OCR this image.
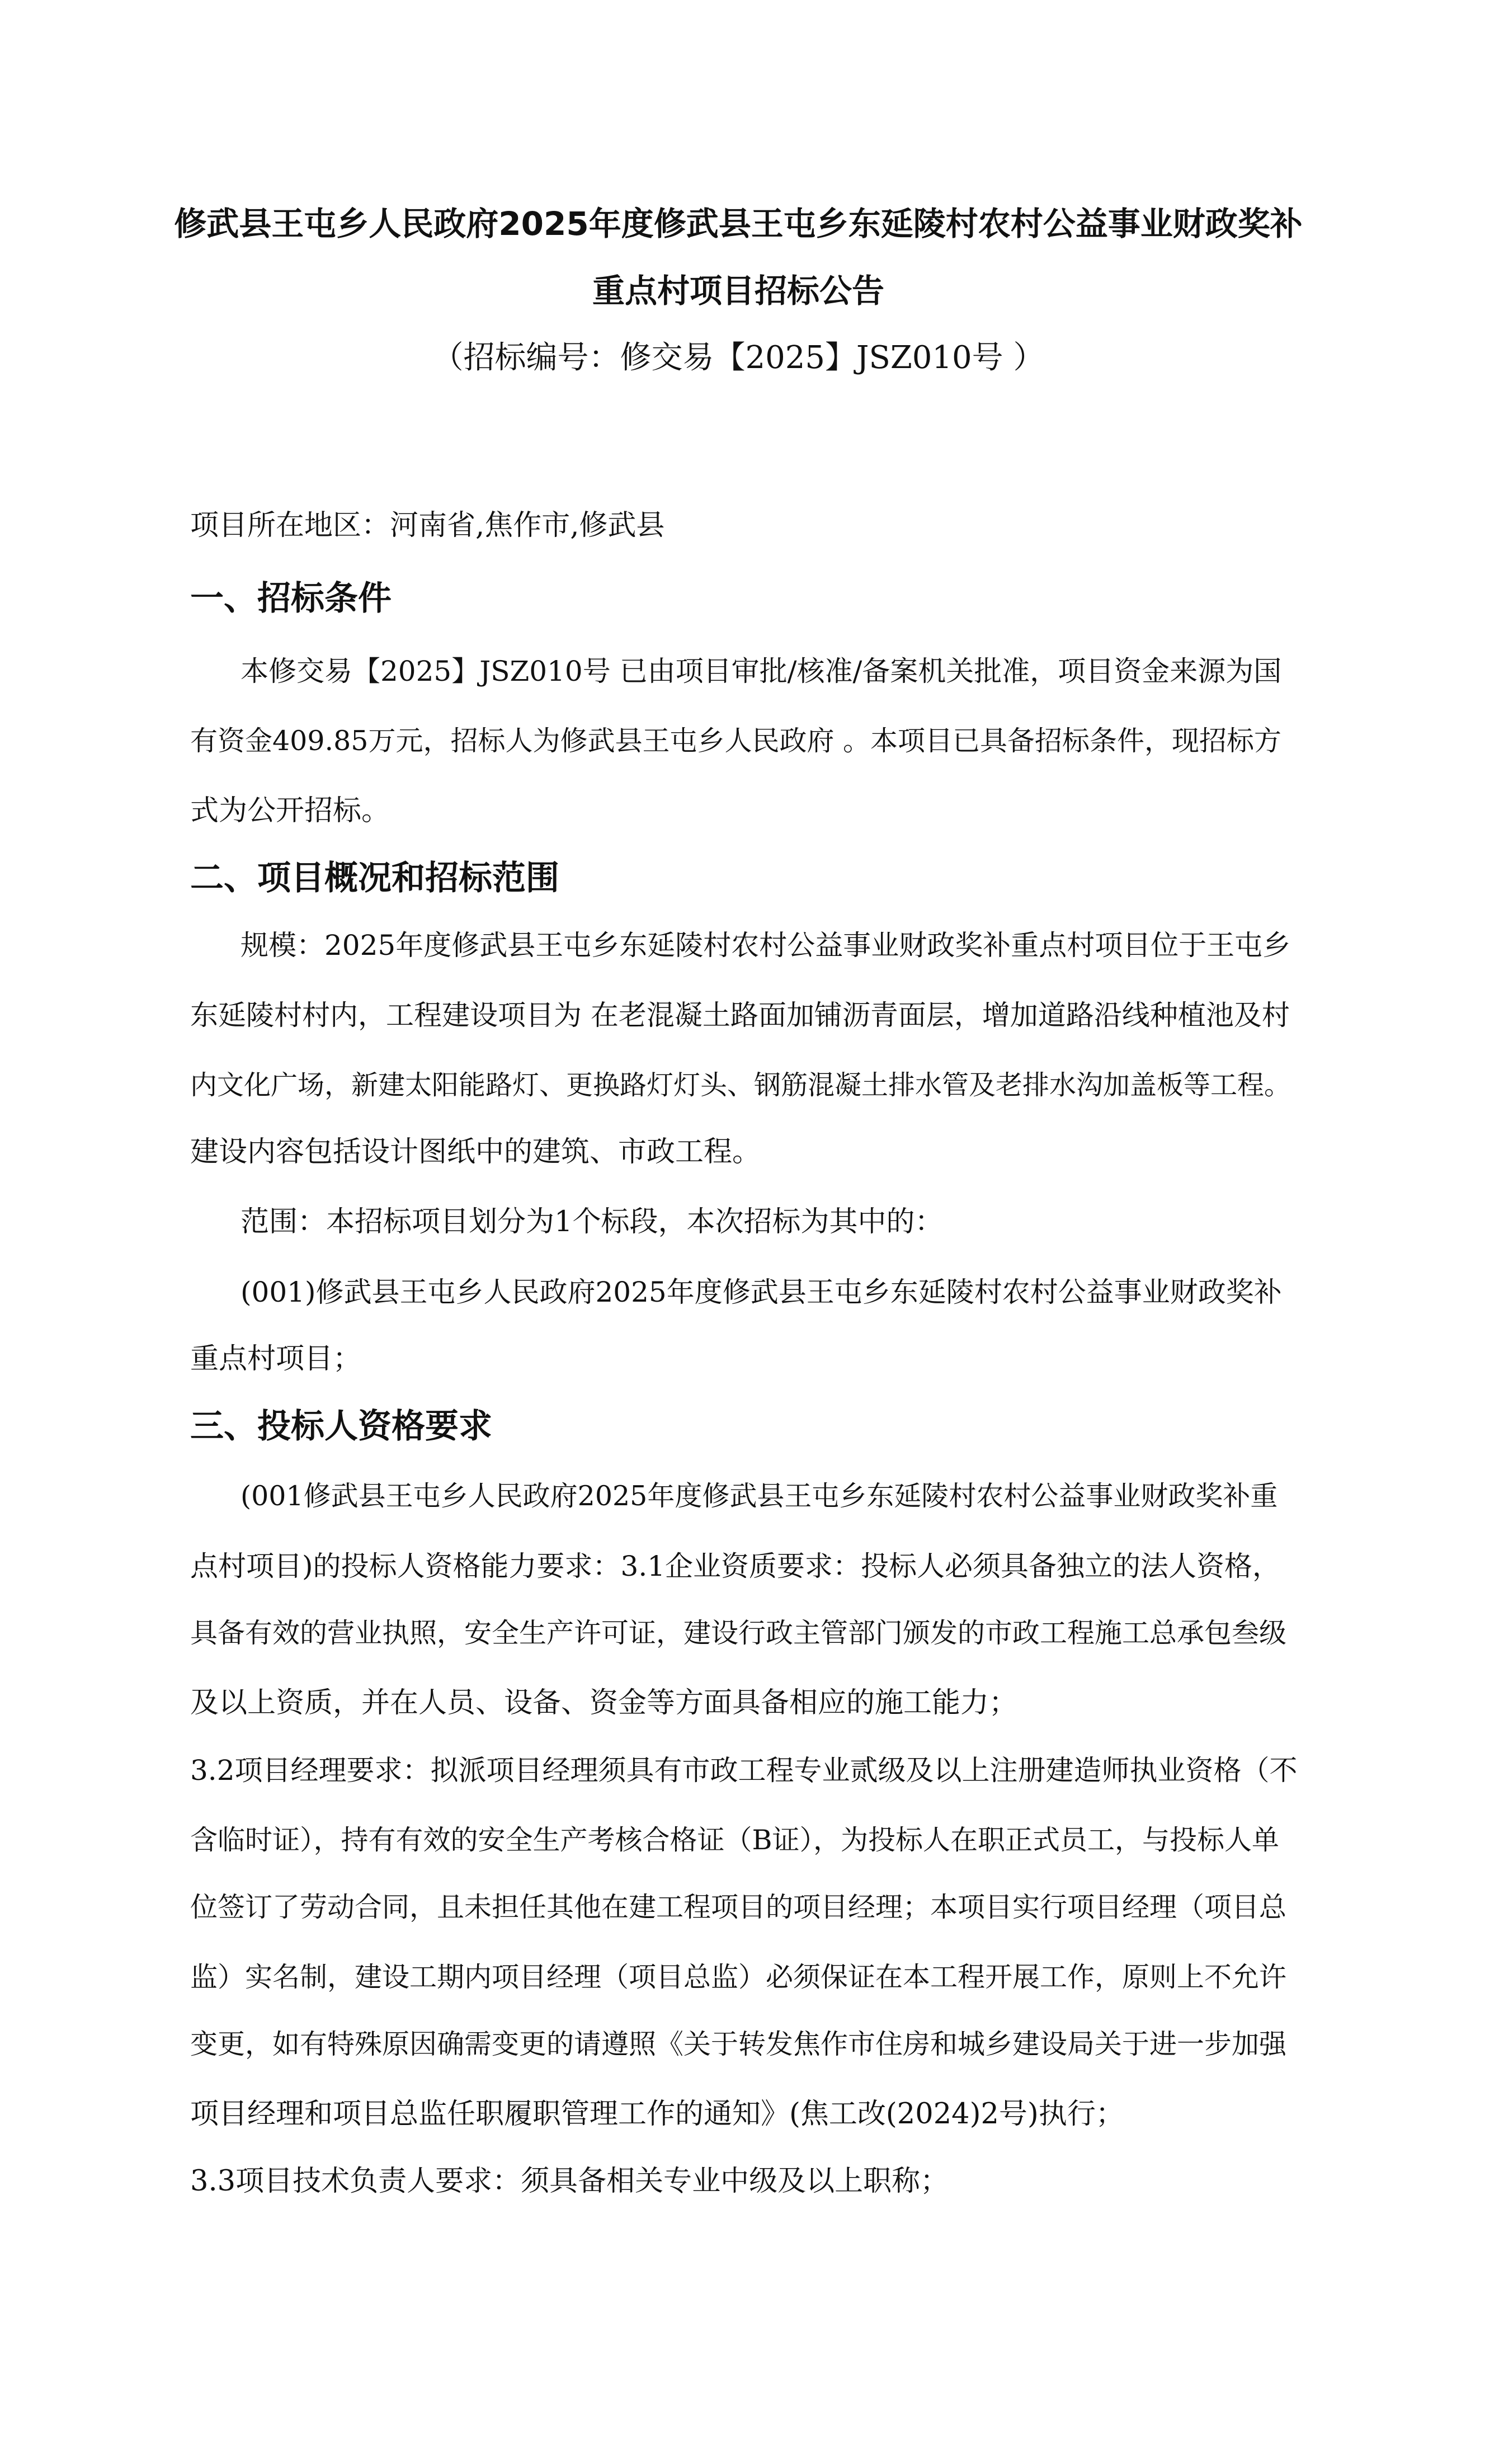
修武县王屯乡人民政府2025年度修武县王屯乡东延陵村农村公益事业财政奖补
重点村项目招标公告
（招标编号：修交易【2025】JSZ010号 ）
项目所在地区：河南省,焦作市,修武县
一、招标条件
本修交易【2025】JSZ010号 已由项目审批/核准/备案机关批准，项目资金来源为国
有资金409.85万元，招标人为修武县王屯乡人民政府 。本项目已具备招标条件，现招标方
式为公开招标。
二、项目概况和招标范围
规模：2025年度修武县王屯乡东延陵村农村公益事业财政奖补重点村项目位于王屯乡
东延陵村村内，工程建设项目为 在老混凝土路面加铺沥青面层，增加道路沿线种植池及村
内文化广场，新建太阳能路灯、更换路灯灯头、钢筋混凝土排水管及老排水沟加盖板等工程。
建设内容包括设计图纸中的建筑、市政工程。
范围：本招标项目划分为1个标段，本次招标为其中的：
(001)修武县王屯乡人民政府2025年度修武县王屯乡东延陵村农村公益事业财政奖补
重点村项目；
三、投标人资格要求
(001修武县王屯乡人民政府2025年度修武县王屯乡东延陵村农村公益事业财政奖补重
点村项目)的投标人资格能力要求：3.1企业资质要求：投标人必须具备独立的法人资格，
具备有效的营业执照，安全生产许可证，建设行政主管部门颁发的市政工程施工总承包叁级
及以上资质，并在人员、设备、资金等方面具备相应的施工能力；
3.2项目经理要求：拟派项目经理须具有市政工程专业贰级及以上注册建造师执业资格（不
含临时证），持有有效的安全生产考核合格证（B证），为投标人在职正式员工，与投标人单
位签订了劳动合同，且未担任其他在建工程项目的项目经理；本项目实行项目经理（项目总
监）实名制，建设工期内项目经理（项目总监）必须保证在本工程开展工作，原则上不允许
变更，如有特殊原因确需变更的请遵照《关于转发焦作市住房和城乡建设局关于进一步加强
项目经理和项目总监任职履职管理工作的通知》(焦工改(2024)2号)执行；
3.3项目技术负责人要求：须具备相关专业中级及以上职称；
